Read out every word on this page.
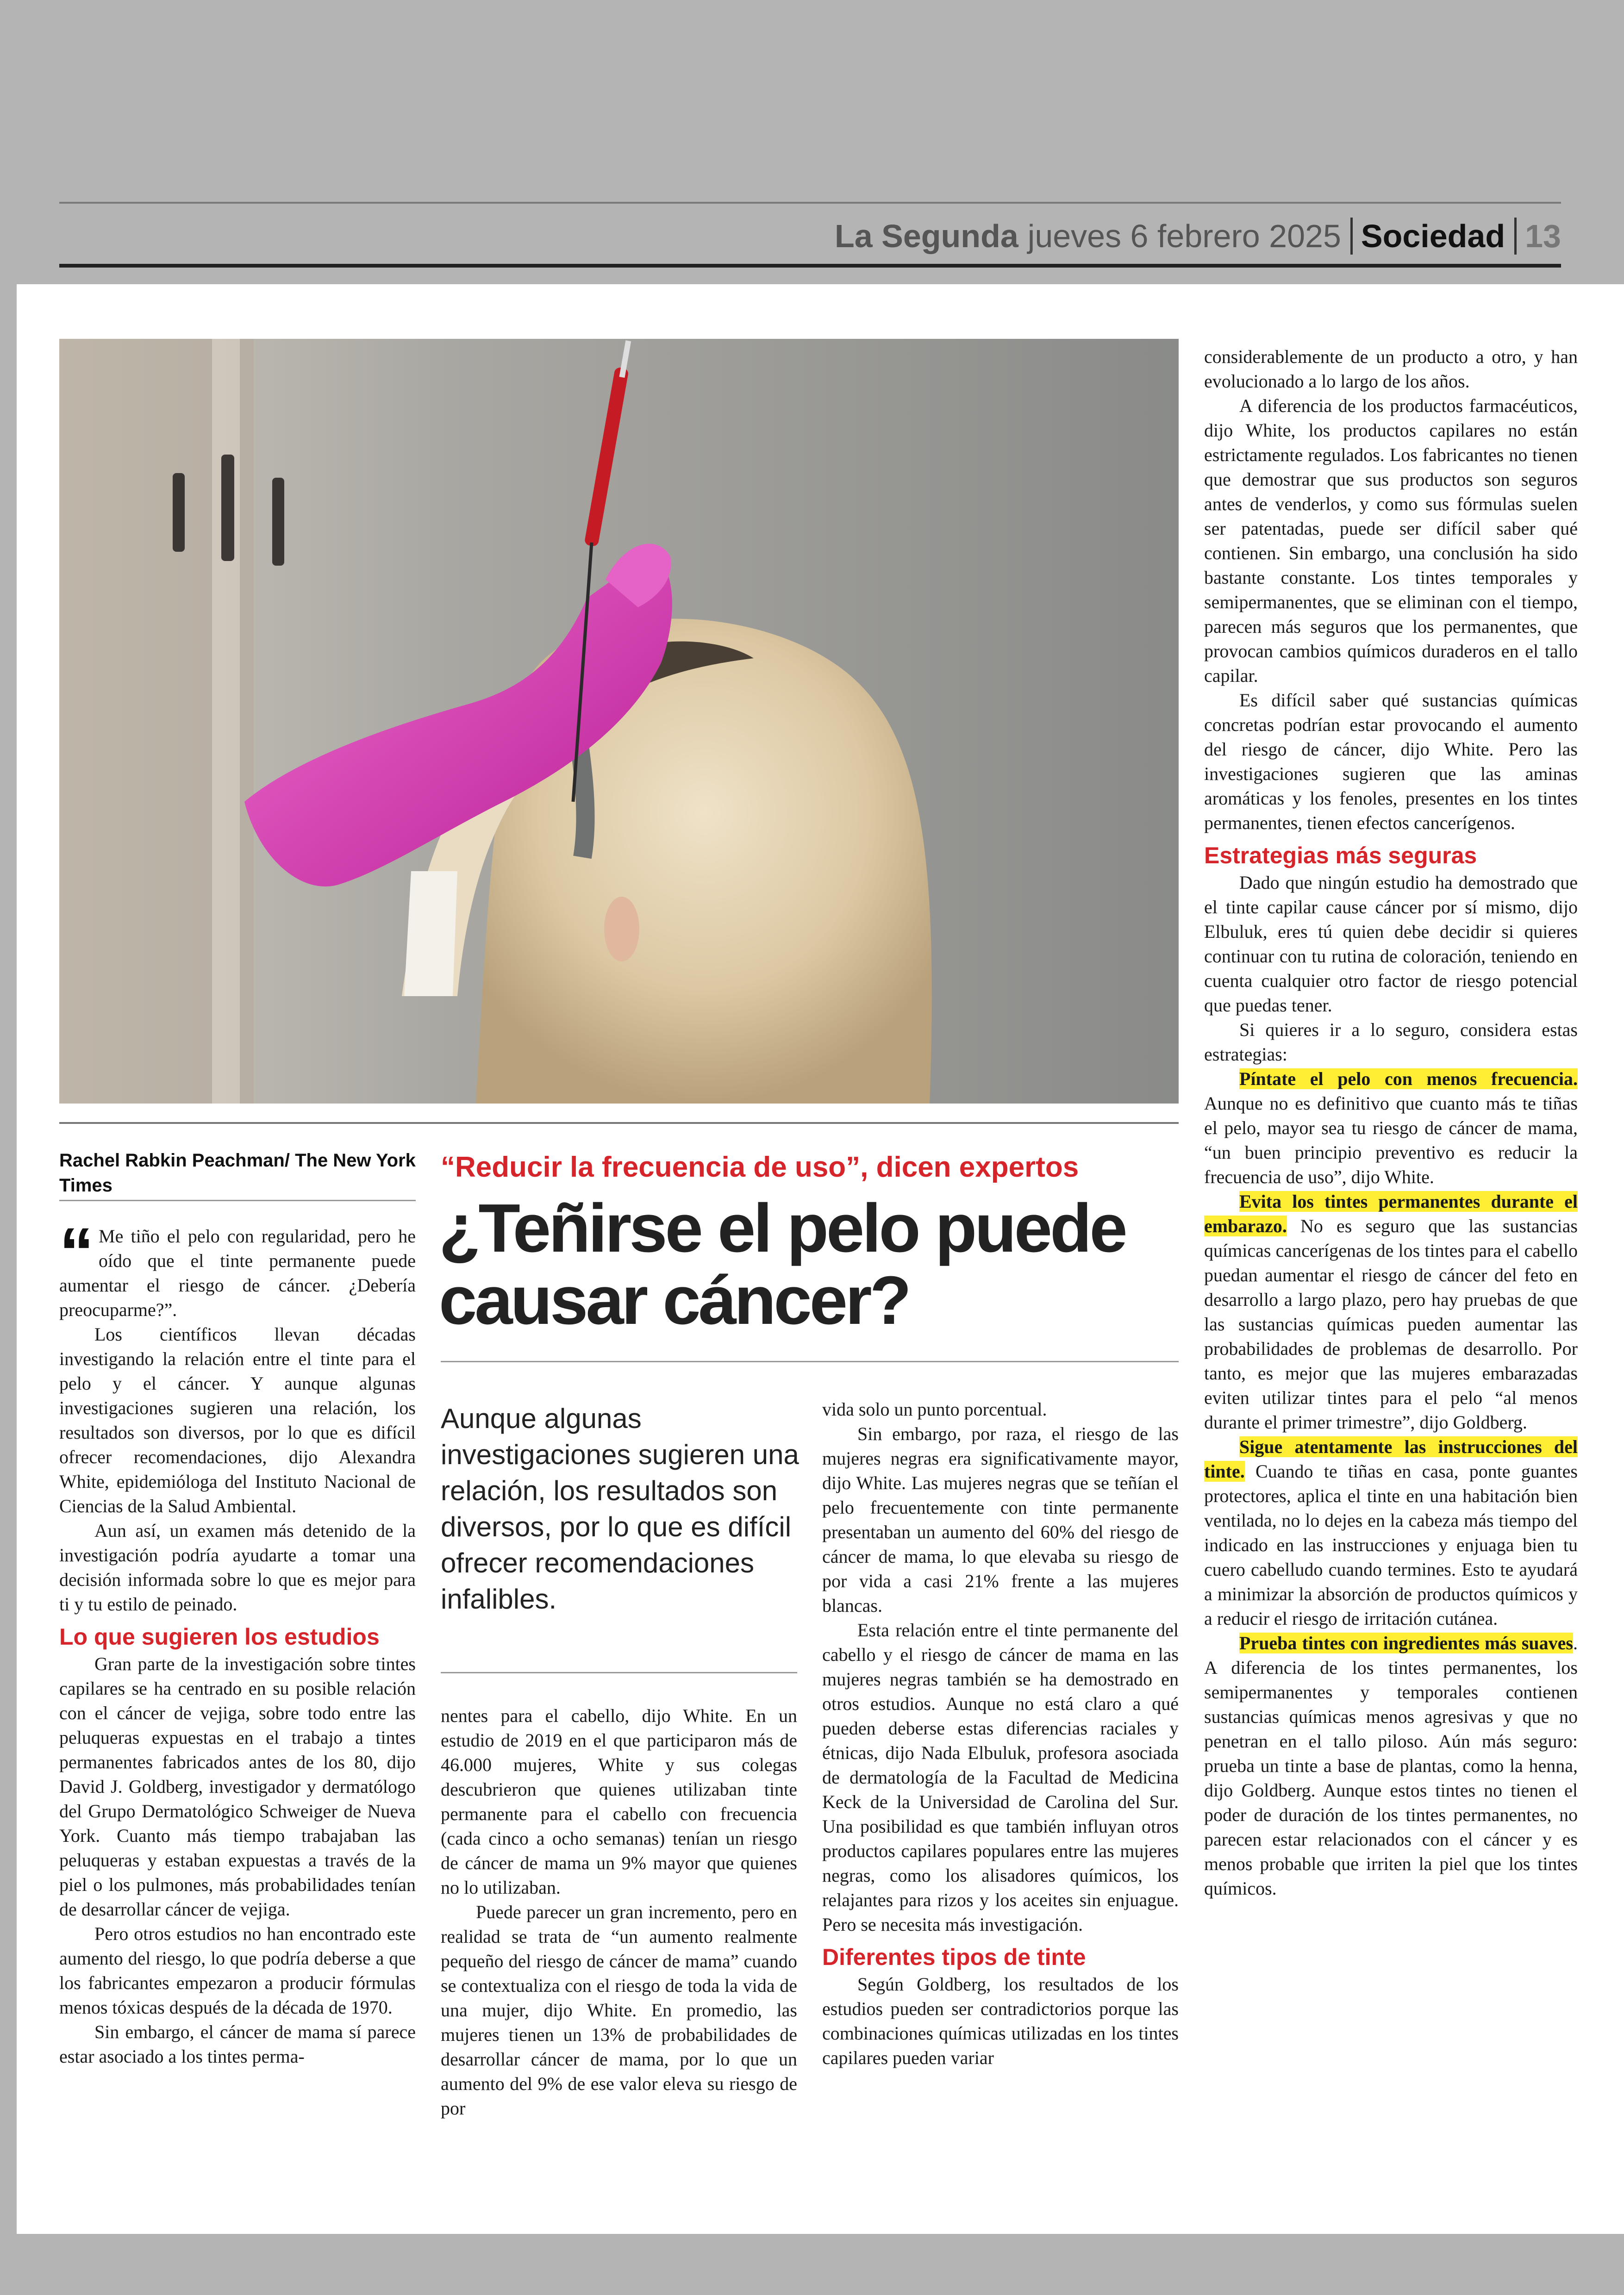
La Segunda jueves 6 febrero 2025 Sociedad 13
Rachel Rabkin Peachman/ The New York Times
“Reducir la frecuencia de uso”, dicen expertos
¿Teñirse el pelo puede causar cáncer?
Aunque algunas investigaciones sugieren una relación, los resultados son diversos, por lo que es difícil ofrecer recomendaciones infalibles.

“ Me tiño el pelo con regularidad, pero he oído que el tinte permanente puede aumentar el riesgo de cáncer. ¿Debería preocuparme?”.

Los científicos llevan décadas investigando la relación entre el tinte para el pelo y el cáncer. Y aunque algunas investigaciones sugieren una relación, los resultados son diversos, por lo que es difícil ofrecer recomendaciones, dijo Alexandra White, epidemióloga del Instituto Nacional de Ciencias de la Salud Ambiental.

Aun así, un examen más detenido de la investigación podría ayudarte a tomar una decisión informada sobre lo que es mejor para ti y tu estilo de peinado.

Lo que sugieren los estudios

Gran parte de la investigación sobre tintes capilares se ha centrado en su posible relación con el cáncer de vejiga, sobre todo entre las peluqueras expuestas en el trabajo a tintes permanentes fabricados antes de los 80, dijo David J. Goldberg, investigador y dermatólogo del Grupo Dermatológico Schweiger de Nueva York. Cuanto más tiempo trabajaban las peluqueras y estaban expuestas a través de la piel o los pulmones, más probabilidades tenían de desarrollar cáncer de vejiga.

Pero otros estudios no han encontrado este aumento del riesgo, lo que podría deberse a que los fabricantes empezaron a producir fórmulas menos tóxicas después de la década de 1970.

Sin embargo, el cáncer de mama sí parece estar asociado a los tintes perma-

nentes para el cabello, dijo White. En un estudio de 2019 en el que participaron más de 46.000 mujeres, White y sus colegas descubrieron que quienes utilizaban tinte permanente para el cabello con frecuencia (cada cinco a ocho semanas) tenían un riesgo de cáncer de mama un 9% mayor que quienes no lo utilizaban.

Puede parecer un gran incremento, pero en realidad se trata de “un aumento realmente pequeño del riesgo de cáncer de mama” cuando se contextualiza con el riesgo de toda la vida de una mujer, dijo White. En promedio, las mujeres tienen un 13% de probabilidades de desarrollar cáncer de mama, por lo que un aumento del 9% de ese valor eleva su riesgo de por

vida solo un punto porcentual.

Sin embargo, por raza, el riesgo de las mujeres negras era significativamente mayor, dijo White. Las mujeres negras que se teñían el pelo frecuentemente con tinte permanente presentaban un aumento del 60% del riesgo de cáncer de mama, lo que elevaba su riesgo de por vida a casi 21% frente a las mujeres blancas.

Esta relación entre el tinte permanente del cabello y el riesgo de cáncer de mama en las mujeres negras también se ha demostrado en otros estudios. Aunque no está claro a qué pueden deberse estas diferencias raciales y étnicas, dijo Nada Elbuluk, profesora asociada de dermatología de la Facultad de Medicina Keck de la Universidad de Carolina del Sur. Una posibilidad es que también influyan otros productos capilares populares entre las mujeres negras, como los alisadores químicos, los relajantes para rizos y los aceites sin enjuague. Pero se necesita más investigación.

Diferentes tipos de tinte

Según Goldberg, los resultados de los estudios pueden ser contradictorios porque las combinaciones químicas utilizadas en los tintes capilares pueden variar

considerablemente de un producto a otro, y han evolucionado a lo largo de los años.

A diferencia de los productos farmacéuticos, dijo White, los productos capilares no están estrictamente regulados. Los fabricantes no tienen que demostrar que sus productos son seguros antes de venderlos, y como sus fórmulas suelen ser patentadas, puede ser difícil saber qué contienen. Sin embargo, una conclusión ha sido bastante constante. Los tintes temporales y semipermanentes, que se eliminan con el tiempo, parecen más seguros que los permanentes, que provocan cambios químicos duraderos en el tallo capilar.

Es difícil saber qué sustancias químicas concretas podrían estar provocando el aumento del riesgo de cáncer, dijo White. Pero las investigaciones sugieren que las aminas aromáticas y los fenoles, presentes en los tintes permanentes, tienen efectos cancerígenos.

Estrategias más seguras

Dado que ningún estudio ha demostrado que el tinte capilar cause cáncer por sí mismo, dijo Elbuluk, eres tú quien debe decidir si quieres continuar con tu rutina de coloración, teniendo en cuenta cualquier otro factor de riesgo potencial que puedas tener.

Si quieres ir a lo seguro, considera estas estrategias:

Píntate el pelo con menos frecuencia. Aunque no es definitivo que cuanto más te tiñas el pelo, mayor sea tu riesgo de cáncer de mama, “un buen principio preventivo es reducir la frecuencia de uso”, dijo White.

Evita los tintes permanentes durante el embarazo. No es seguro que las sustancias químicas cancerígenas de los tintes para el cabello puedan aumentar el riesgo de cáncer del feto en desarrollo a largo plazo, pero hay pruebas de que las sustancias químicas pueden aumentar las probabilidades de problemas de desarrollo. Por tanto, es mejor que las mujeres embarazadas eviten utilizar tintes para el pelo “al menos durante el primer trimestre”, dijo Goldberg.

Sigue atentamente las instrucciones del tinte. Cuando te tiñas en casa, ponte guantes protectores, aplica el tinte en una habitación bien ventilada, no lo dejes en la cabeza más tiempo del indicado en las instrucciones y enjuaga bien tu cuero cabelludo cuando termines. Esto te ayudará a minimizar la absorción de productos químicos y a reducir el riesgo de irritación cutánea.

Prueba tintes con ingredientes más suaves. A diferencia de los tintes permanentes, los semipermanentes y temporales contienen sustancias químicas menos agresivas y que no penetran en el tallo piloso. Aún más seguro: prueba un tinte a base de plantas, como la henna, dijo Goldberg. Aunque estos tintes no tienen el poder de duración de los tintes permanentes, no parecen estar relacionados con el cáncer y es menos probable que irriten la piel que los tintes químicos.
